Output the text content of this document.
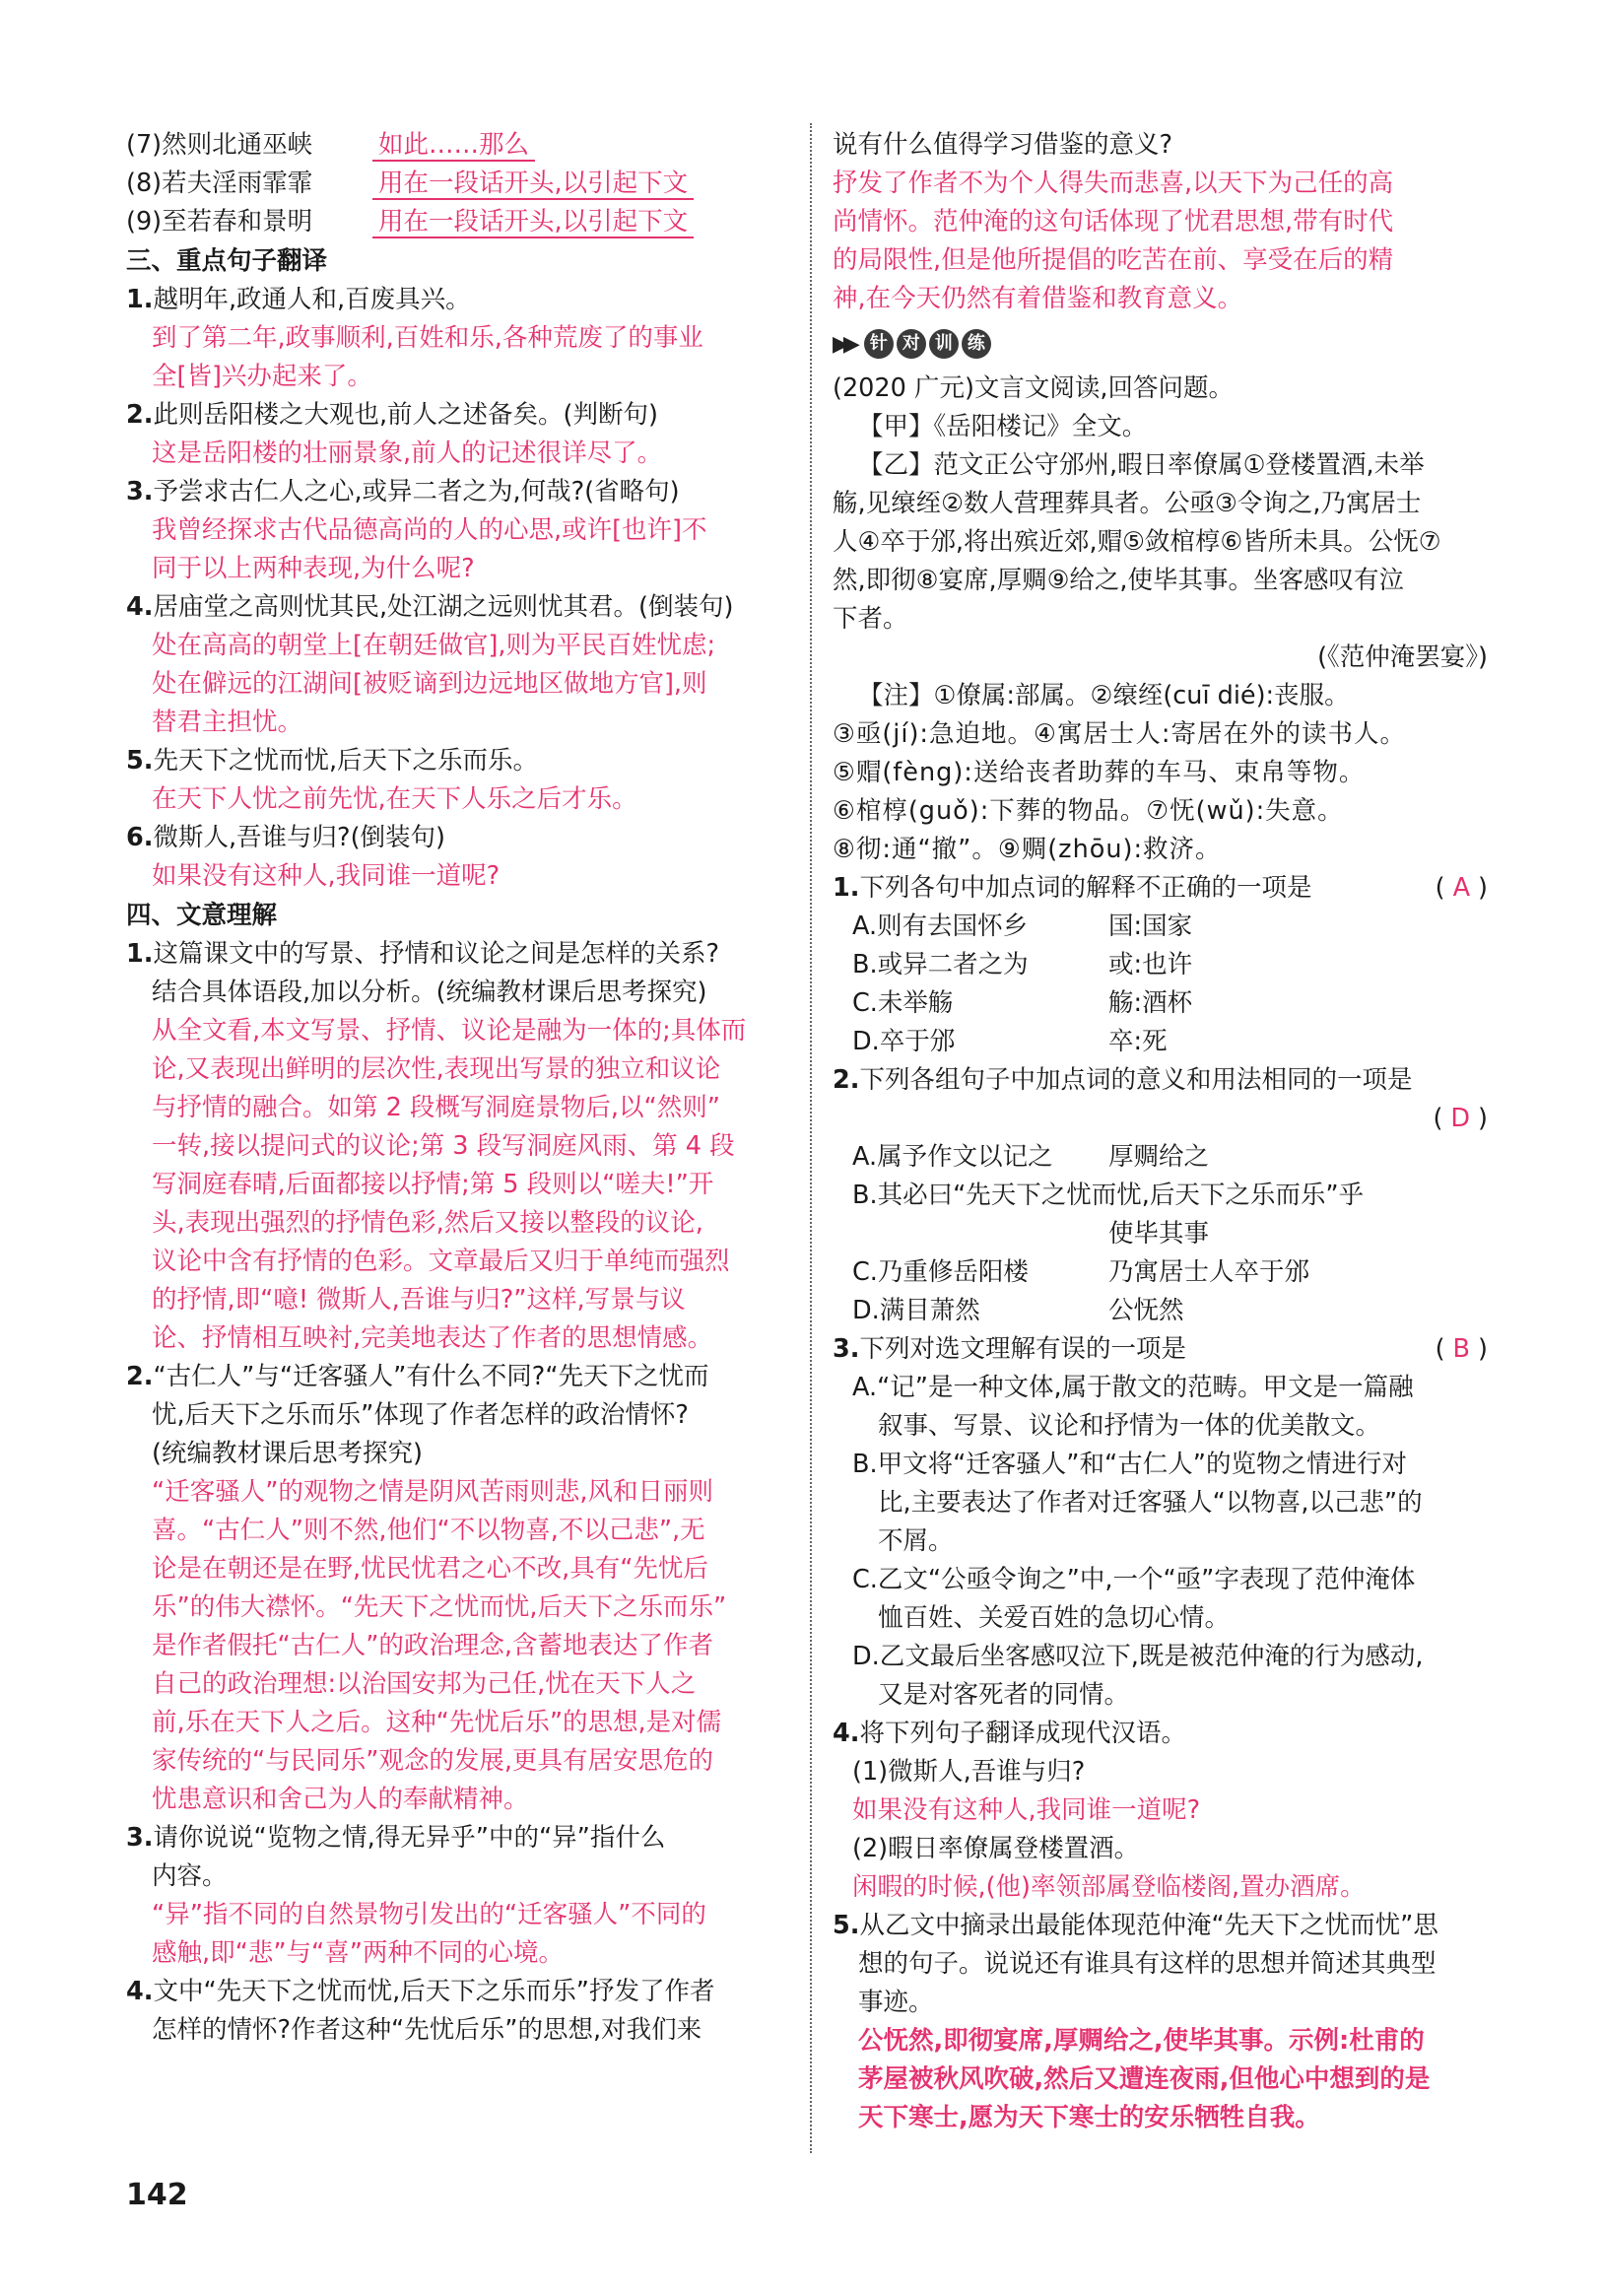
(7)然则北通巫峡	如此……那么
(8)若夫淫雨霏霏	用在一段话开头,以引起下文
(9)至若春和景明	用在一段话开头,以引起下文
三、重点句子翻译
1.越明年,政通人和,百废具兴。
到了第二年,政事顺利,百姓和乐,各种荒废了的事业
全[皆]兴办起来了。
2.此则岳阳楼之大观也,前人之述备矣。(判断句)
这是岳阳楼的壮丽景象,前人的记述很详尽了。
3.予尝求古仁人之心,或异二者之为,何哉?(省略句)
我曾经探求古代品德高尚的人的心思,或许[也许]不
同于以上两种表现,为什么呢?
4.居庙堂之高则忧其民,处江湖之远则忧其君。(倒装句)
处在高高的朝堂上[在朝廷做官],则为平民百姓忧虑;
处在僻远的江湖间[被贬谪到边远地区做地方官],则
替君主担忧。
5.先天下之忧而忧,后天下之乐而乐。
在天下人忧之前先忧,在天下人乐之后才乐。
6.微斯人,吾谁与归?(倒装句)
如果没有这种人,我同谁一道呢?
四、文意理解
1.这篇课文中的写景、抒情和议论之间是怎样的关系?
结合具体语段,加以分析。(统编教材课后思考探究)
从全文看,本文写景、抒情、议论是融为一体的;具体而
论,又表现出鲜明的层次性,表现出写景的独立和议论
与抒情的融合。如第 2 段概写洞庭景物后,以“然则”
一转,接以提问式的议论;第 3 段写洞庭风雨、第 4 段
写洞庭春晴,后面都接以抒情;第 5 段则以“嗟夫!”开
头,表现出强烈的抒情色彩,然后又接以整段的议论,
议论中含有抒情的色彩。文章最后又归于单纯而强烈
的抒情,即“噫! 微斯人,吾谁与归?”这样,写景与议
论、抒情相互映衬,完美地表达了作者的思想情感。
2.“古仁人”与“迁客骚人”有什么不同?“先天下之忧而
忧,后天下之乐而乐”体现了作者怎样的政治情怀?
(统编教材课后思考探究)
“迁客骚人”的观物之情是阴风苦雨则悲,风和日丽则
喜。“古仁人”则不然,他们“不以物喜,不以己悲”,无
论是在朝还是在野,忧民忧君之心不改,具有“先忧后
乐”的伟大襟怀。“先天下之忧而忧,后天下之乐而乐”
是作者假托“古仁人”的政治理念,含蓄地表达了作者
自己的政治理想:以治国安邦为己任,忧在天下人之
前,乐在天下人之后。这种“先忧后乐”的思想,是对儒
家传统的“与民同乐”观念的发展,更具有居安思危的
忧患意识和舍己为人的奉献精神。
3.请你说说“览物之情,得无异乎”中的“异”指什么
内容。
“异”指不同的自然景物引发出的“迁客骚人”不同的
感触,即“悲”与“喜”两种不同的心境。
4.文中“先天下之忧而忧,后天下之乐而乐”抒发了作者
怎样的情怀?作者这种“先忧后乐”的思想,对我们来
说有什么值得学习借鉴的意义?
抒发了作者不为个人得失而悲喜,以天下为己任的高
尚情怀。范仲淹的这句话体现了忧君思想,带有时代
的局限性,但是他所提倡的吃苦在前、享受在后的精
神,在今天仍然有着借鉴和教育意义。
▶▶ 针 对 训 练
(2020 广元)文言文阅读,回答问题。
【甲】《岳阳楼记》全文。
【乙】范文正公守邠州,暇日率僚属①登楼置酒,未举
觞,见缞绖②数人营理葬具者。公亟③令询之,乃寓居士
人④卒于邠,将出殡近郊,赗⑤敛棺椁⑥皆所未具。公怃⑦
然,即彻⑧宴席,厚赒⑨给之,使毕其事。坐客感叹有泣
下者。
(《范仲淹罢宴》)
【注】①僚属:部属。②缞绖(cuī dié):丧服。
③亟(jí):急迫地。④寓居士人:寄居在外的读书人。
⑤赗(fèng):送给丧者助葬的车马、束帛等物。
⑥棺椁(guǒ):下葬的物品。⑦怃(wǔ):失意。
⑧彻:通“撤”。⑨赒(zhōu):救济。
1.下列各句中加点词的解释不正确的一项是	( A )
A.则有去国怀乡	国:国家
B.或异二者之为	或:也许
C.未举觞	觞:酒杯
D.卒于邠	卒:死
2.下列各组句子中加点词的意义和用法相同的一项是
( D )
A.属予作文以记之	厚赒给之
B.其必曰“先天下之忧而忧,后天下之乐而乐”乎
使毕其事
C.乃重修岳阳楼	乃寓居士人卒于邠
D.满目萧然	公怃然
3.下列对选文理解有误的一项是	( B )
A.“记”是一种文体,属于散文的范畴。甲文是一篇融
叙事、写景、议论和抒情为一体的优美散文。
B.甲文将“迁客骚人”和“古仁人”的览物之情进行对
比,主要表达了作者对迁客骚人“以物喜,以己悲”的
不屑。
C.乙文“公亟令询之”中,一个“亟”字表现了范仲淹体
恤百姓、关爱百姓的急切心情。
D.乙文最后坐客感叹泣下,既是被范仲淹的行为感动,
又是对客死者的同情。
4.将下列句子翻译成现代汉语。
(1)微斯人,吾谁与归?
如果没有这种人,我同谁一道呢?
(2)暇日率僚属登楼置酒。
闲暇的时候,(他)率领部属登临楼阁,置办酒席。
5.从乙文中摘录出最能体现范仲淹“先天下之忧而忧”思
想的句子。说说还有谁具有这样的思想并简述其典型
事迹。
公怃然,即彻宴席,厚赒给之,使毕其事。示例:杜甫的
茅屋被秋风吹破,然后又遭连夜雨,但他心中想到的是
天下寒士,愿为天下寒士的安乐牺牲自我。
142
